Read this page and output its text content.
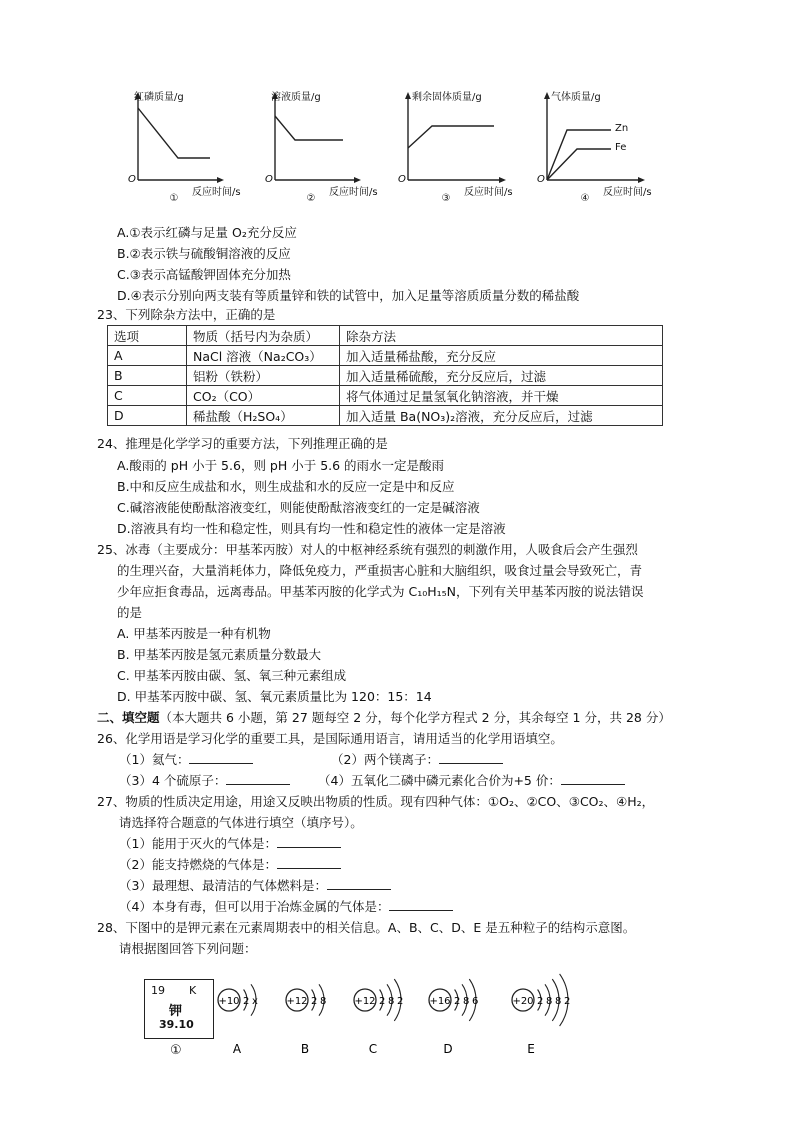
红磷质量/g
O
反应时间/s
①
溶液质量/g
O
反应时间/s
②
剩余固体质量/g
O
反应时间/s
③
气体质量/g
Zn
Fe
O
反应时间/s
④
A.①表示红磷与足量 O₂充分反应
B.②表示铁与硫酸铜溶液的反应
C.③表示高锰酸钾固体充分加热
D.④表示分别向两支装有等质量锌和铁的试管中，加入足量等溶质质量分数的稀盐酸
23、下列除杂方法中，正确的是
选项	物质（括号内为杂质）	除杂方法
A	NaCl 溶液（Na₂CO₃）	加入适量稀盐酸，充分反应
B	铝粉（铁粉）	加入适量稀硫酸，充分反应后，过滤
C	CO₂（CO）	将气体通过足量氢氧化钠溶液，并干燥
D	稀盐酸（H₂SO₄）	加入适量 Ba(NO₃)₂溶液，充分反应后，过滤
24、推理是化学学习的重要方法，下列推理正确的是
A.酸雨的 pH 小于 5.6，则 pH 小于 5.6 的雨水一定是酸雨
B.中和反应生成盐和水，则生成盐和水的反应一定是中和反应
C.碱溶液能使酚酞溶液变红，则能使酚酞溶液变红的一定是碱溶液
D.溶液具有均一性和稳定性，则具有均一性和稳定性的液体一定是溶液
25、冰毒（主要成分：甲基苯丙胺）对人的中枢神经系统有强烈的刺激作用，人吸食后会产生强烈
的生理兴奋，大量消耗体力，降低免疫力，严重损害心脏和大脑组织，吸食过量会导致死亡，青
少年应拒食毒品，远离毒品。甲基苯丙胺的化学式为 C₁₀H₁₅N，下列有关甲基苯丙胺的说法错误
的是
A. 甲基苯丙胺是一种有机物
B. 甲基苯丙胺是氢元素质量分数最大
C. 甲基苯丙胺由碳、氢、氧三种元素组成
D. 甲基苯丙胺中碳、氢、氧元素质量比为 120：15：14
二、填空题（本大题共 6 小题，第 27 题每空 2 分，每个化学方程式 2 分，其余每空 1 分，共 28 分）
26、化学用语是学习化学的重要工具，是国际通用语言，请用适当的化学用语填空。
（1）氦气：	（2）两个镁离子：
（3）4 个硫原子：	（4）五氧化二磷中磷元素化合价为+5 价：
27、物质的性质决定用途，用途又反映出物质的性质。现有四种气体：①O₂、②CO、③CO₂、④H₂，
请选择符合题意的气体进行填空（填序号）。
（1）能用于灭火的气体是：
（2）能支持燃烧的气体是：
（3）最理想、最清洁的气体燃料是：
（4）本身有毒，但可以用于冶炼金属的气体是：
28、下图中的是钾元素在元素周期表中的相关信息。A、B、C、D、E 是五种粒子的结构示意图。
请根据图回答下列问题：
19 K
钾
39.10
①
+10 2 x
A
+12 2 8
B
+12 2 8 2
C
+16 2 8 6
D
+20 2 8 8 2
E
